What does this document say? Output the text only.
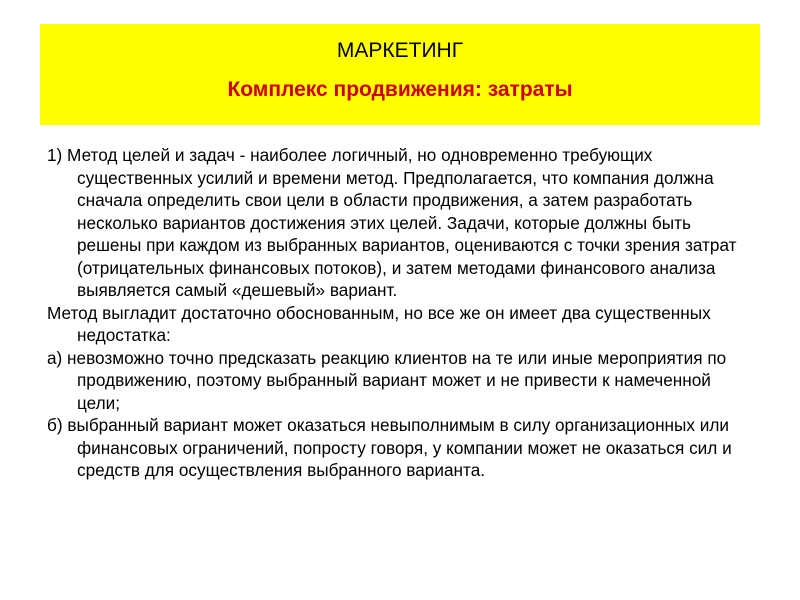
МАРКЕТИНГ
Комплекс продвижения: затраты

1) Метод целей и задач - наиболее логичный, но одновременно требующих существенных усилий и времени метод. Предполагается, что компания должна сначала определить свои цели в области продвижения, а затем разработать несколько вариантов достижения этих целей. Задачи, которые должны быть решены при каждом из выбранных вариантов, оцениваются с точки зрения затрат (отрицательных финансовых потоков), и затем методами финансового анализа выявляется самый «дешевый» вариант.

Метод выгладит достаточно обоснованным, но все же он имеет два существенных недостатка:

а) невозможно точно предсказать реакцию клиентов на те или иные мероприятия по продвижению, поэтому выбранный вариант может и не привести к намеченной цели;

б) выбранный вариант может оказаться невыполнимым в силу организационных или финансовых ограничений, попросту говоря, у компании может не оказаться сил и средств для осуществления выбранного варианта.
